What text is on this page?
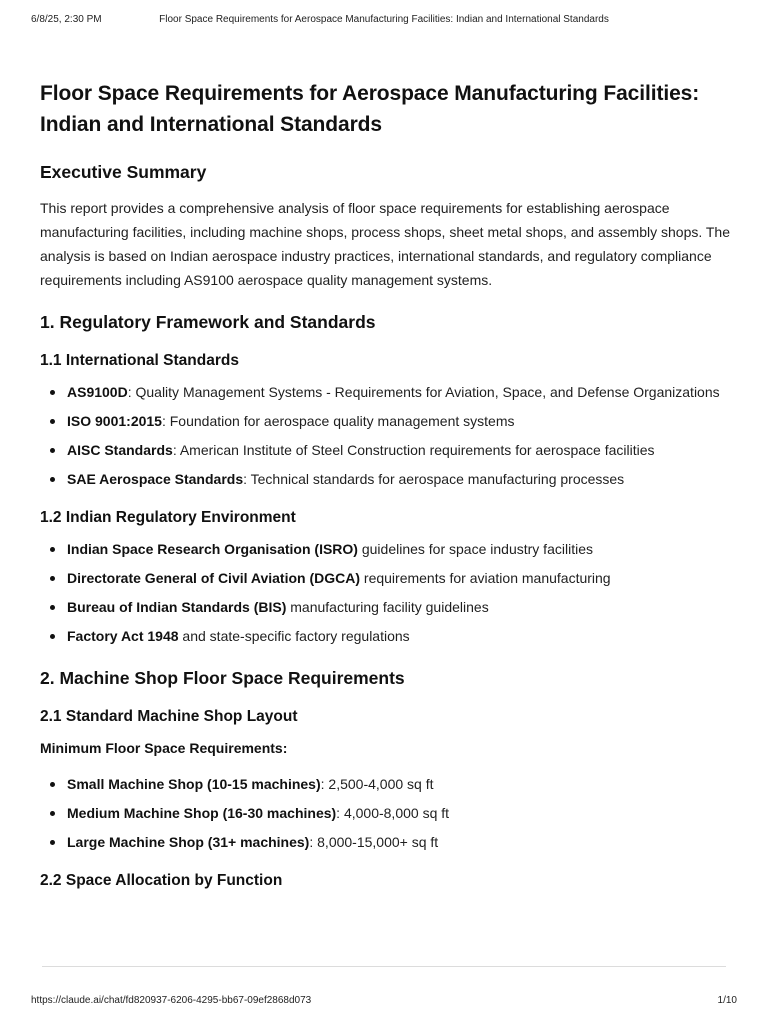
6/8/25, 2:30 PM	Floor Space Requirements for Aerospace Manufacturing Facilities: Indian and International Standards
Floor Space Requirements for Aerospace Manufacturing Facilities: Indian and International Standards
Executive Summary

This report provides a comprehensive analysis of floor space requirements for establishing aerospace manufacturing facilities, including machine shops, process shops, sheet metal shops, and assembly shops. The analysis is based on Indian aerospace industry practices, international standards, and regulatory compliance requirements including AS9100 aerospace quality management systems.

1. Regulatory Framework and Standards
1.1 International Standards
AS9100D: Quality Management Systems - Requirements for Aviation, Space, and Defense Organizations
ISO 9001:2015: Foundation for aerospace quality management systems
AISC Standards: American Institute of Steel Construction requirements for aerospace facilities
SAE Aerospace Standards: Technical standards for aerospace manufacturing processes
1.2 Indian Regulatory Environment
Indian Space Research Organisation (ISRO) guidelines for space industry facilities
Directorate General of Civil Aviation (DGCA) requirements for aviation manufacturing
Bureau of Indian Standards (BIS) manufacturing facility guidelines
Factory Act 1948 and state-specific factory regulations
2. Machine Shop Floor Space Requirements
2.1 Standard Machine Shop Layout

Minimum Floor Space Requirements:

Small Machine Shop (10-15 machines): 2,500-4,000 sq ft
Medium Machine Shop (16-30 machines): 4,000-8,000 sq ft
Large Machine Shop (31+ machines): 8,000-15,000+ sq ft
2.2 Space Allocation by Function
https://claude.ai/chat/fd820937-6206-4295-bb67-09ef2868d073	1/10
